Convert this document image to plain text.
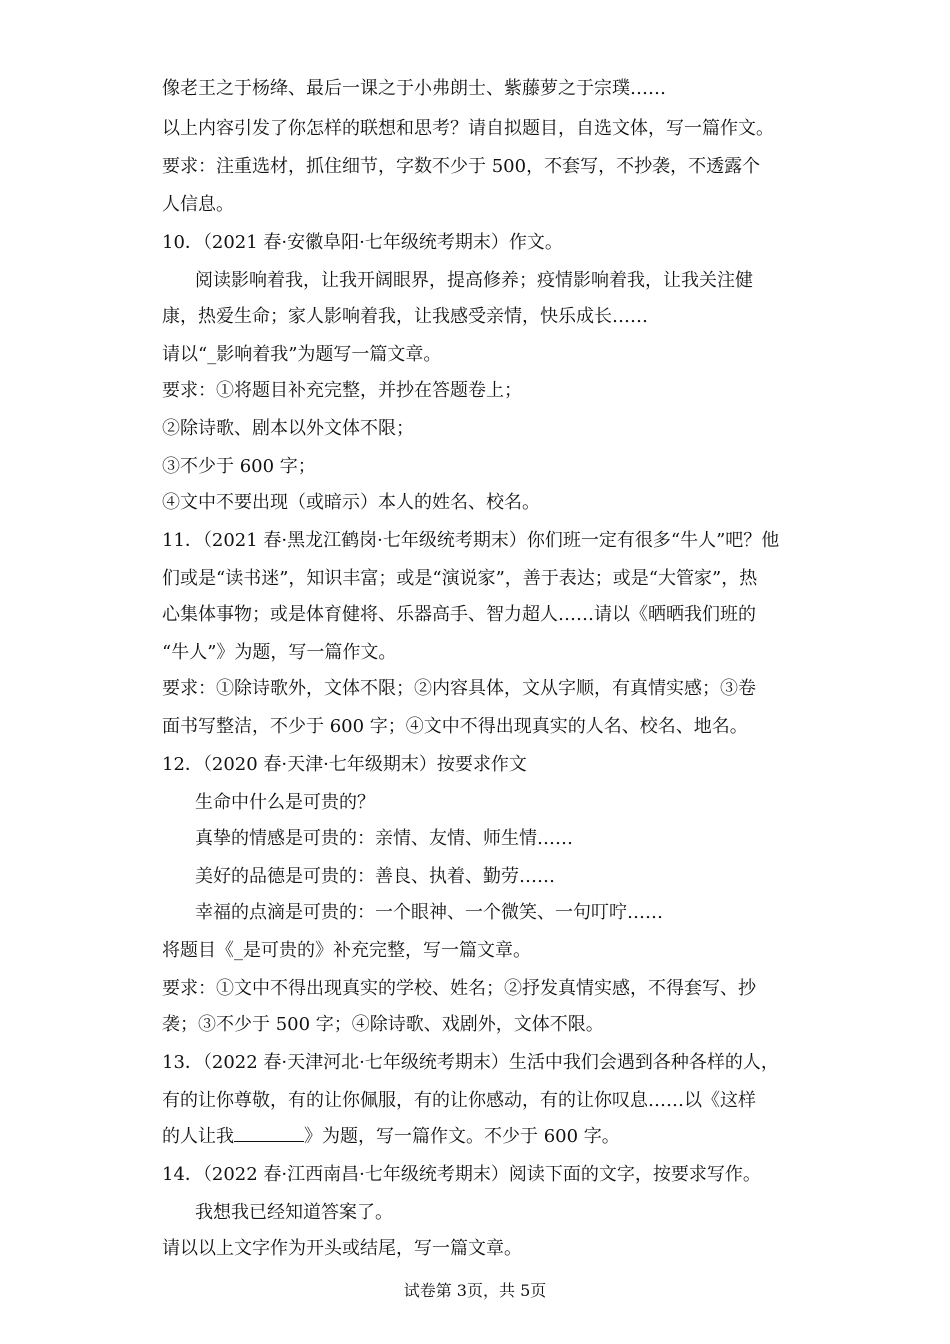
像老王之于杨绛、最后一课之于小弗朗士、紫藤萝之于宗璞……
以上内容引发了你怎样的联想和思考？请自拟题目，自选文体，写一篇作文。
要求：注重选材，抓住细节，字数不少于 500，不套写，不抄袭，不透露个
人信息。
10．（2021 春·安徽阜阳·七年级统考期末）作文。
阅读影响着我，让我开阔眼界，提高修养；疫情影响着我，让我关注健
康，热爱生命；家人影响着我，让我感受亲情，快乐成长……
请以“_影响着我”为题写一篇文章。
要求：①将题目补充完整，并抄在答题卷上；
②除诗歌、剧本以外文体不限；
③不少于 600 字；
④文中不要出现（或暗示）本人的姓名、校名。
11．（2021 春·黑龙江鹤岗·七年级统考期末）你们班一定有很多“牛人”吧？他
们或是“读书迷”，知识丰富；或是“演说家”，善于表达；或是“大管家”，热
心集体事物；或是体育健将、乐器高手、智力超人……请以《晒晒我们班的
“牛人”》为题，写一篇作文。
要求：①除诗歌外，文体不限；②内容具体，文从字顺，有真情实感；③卷
面书写整洁，不少于 600 字；④文中不得出现真实的人名、校名、地名。
12．（2020 春·天津·七年级期末）按要求作文
生命中什么是可贵的？
真挚的情感是可贵的：亲情、友情、师生情……
美好的品德是可贵的：善良、执着、勤劳……
幸福的点滴是可贵的：一个眼神、一个微笑、一句叮咛……
将题目《_是可贵的》补充完整，写一篇文章。
要求：①文中不得出现真实的学校、姓名；②抒发真情实感，不得套写、抄
袭；③不少于 500 字；④除诗歌、戏剧外，文体不限。
13．（2022 春·天津河北·七年级统考期末）生活中我们会遇到各种各样的人，
有的让你尊敬，有的让你佩服，有的让你感动，有的让你叹息……以《这样
的人让我	》为题，写一篇作文。不少于 600 字。
14．（2022 春·江西南昌·七年级统考期末）阅读下面的文字，按要求写作。
我想我已经知道答案了。
请以以上文字作为开头或结尾，写一篇文章。
试卷第 3页，共 5页
